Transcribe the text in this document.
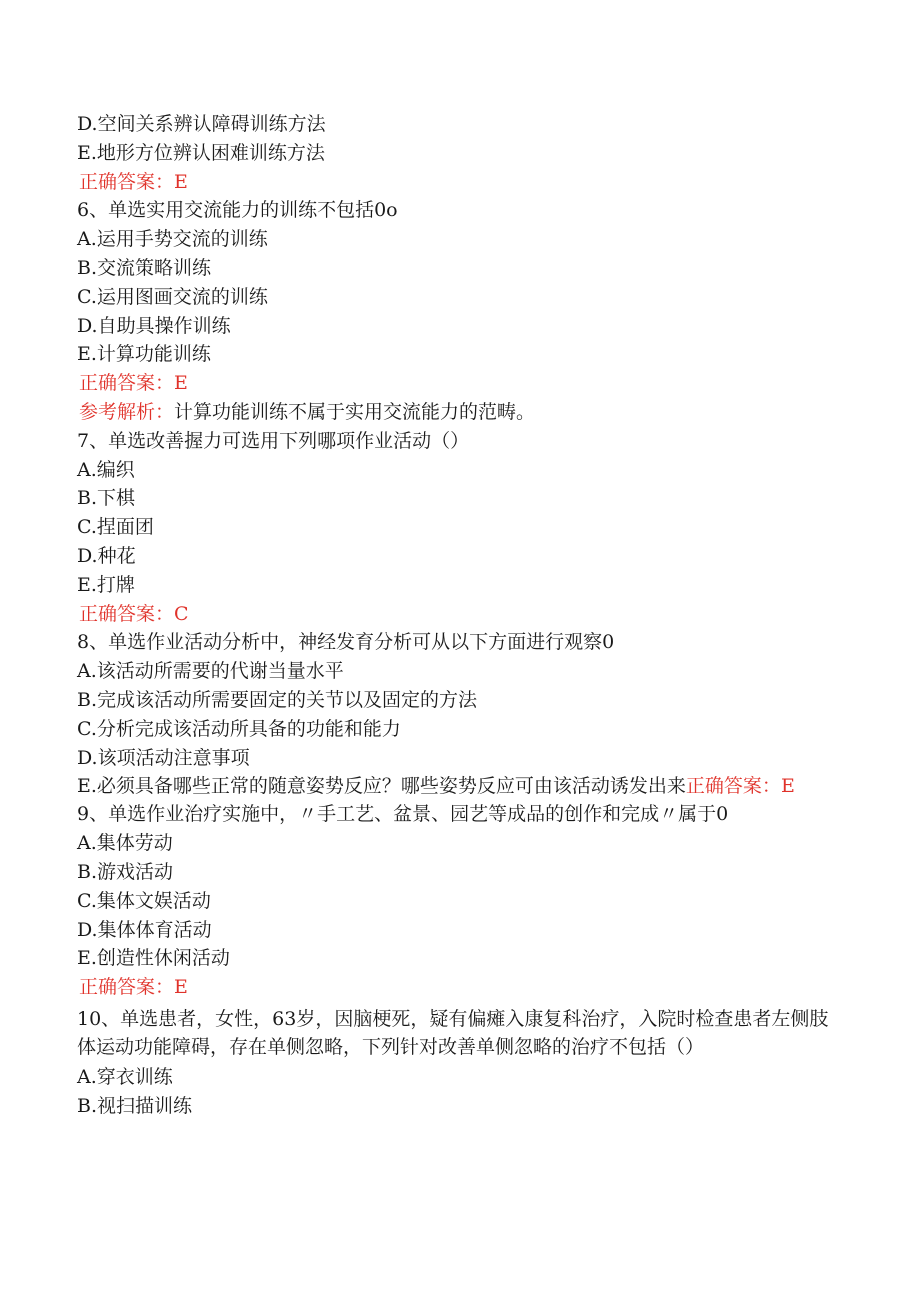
D.空间关系辨认障碍训练方法
E.地形方位辨认困难训练方法
正确答案：E
6、单选实用交流能力的训练不包括0o
A.运用手势交流的训练
B.交流策略训练
C.运用图画交流的训练
D.自助具操作训练
E.计算功能训练
正确答案：E
参考解析：计算功能训练不属于实用交流能力的范畴。
7、单选改善握力可选用下列哪项作业活动（）
A.编织
B.下棋
C.捏面团
D.种花
E.打牌
正确答案：C
8、单选作业活动分析中，神经发育分析可从以下方面进行观察0
A.该活动所需要的代谢当量水平
B.完成该活动所需要固定的关节以及固定的方法
C.分析完成该活动所具备的功能和能力
D.该项活动注意事项
E.必须具备哪些正常的随意姿势反应？哪些姿势反应可由该活动诱发出来正确答案：E
9、单选作业治疗实施中，〃手工艺、盆景、园艺等成品的创作和完成〃属于0
A.集体劳动
B.游戏活动
C.集体文娱活动
D.集体体育活动
E.创造性休闲活动
正确答案：E
10、单选患者，女性，63岁，因脑梗死，疑有偏瘫入康复科治疗，入院时检查患者左侧肢体运动功能障碍，存在单侧忽略，下列针对改善单侧忽略的治疗不包括（）
A.穿衣训练
B.视扫描训练
